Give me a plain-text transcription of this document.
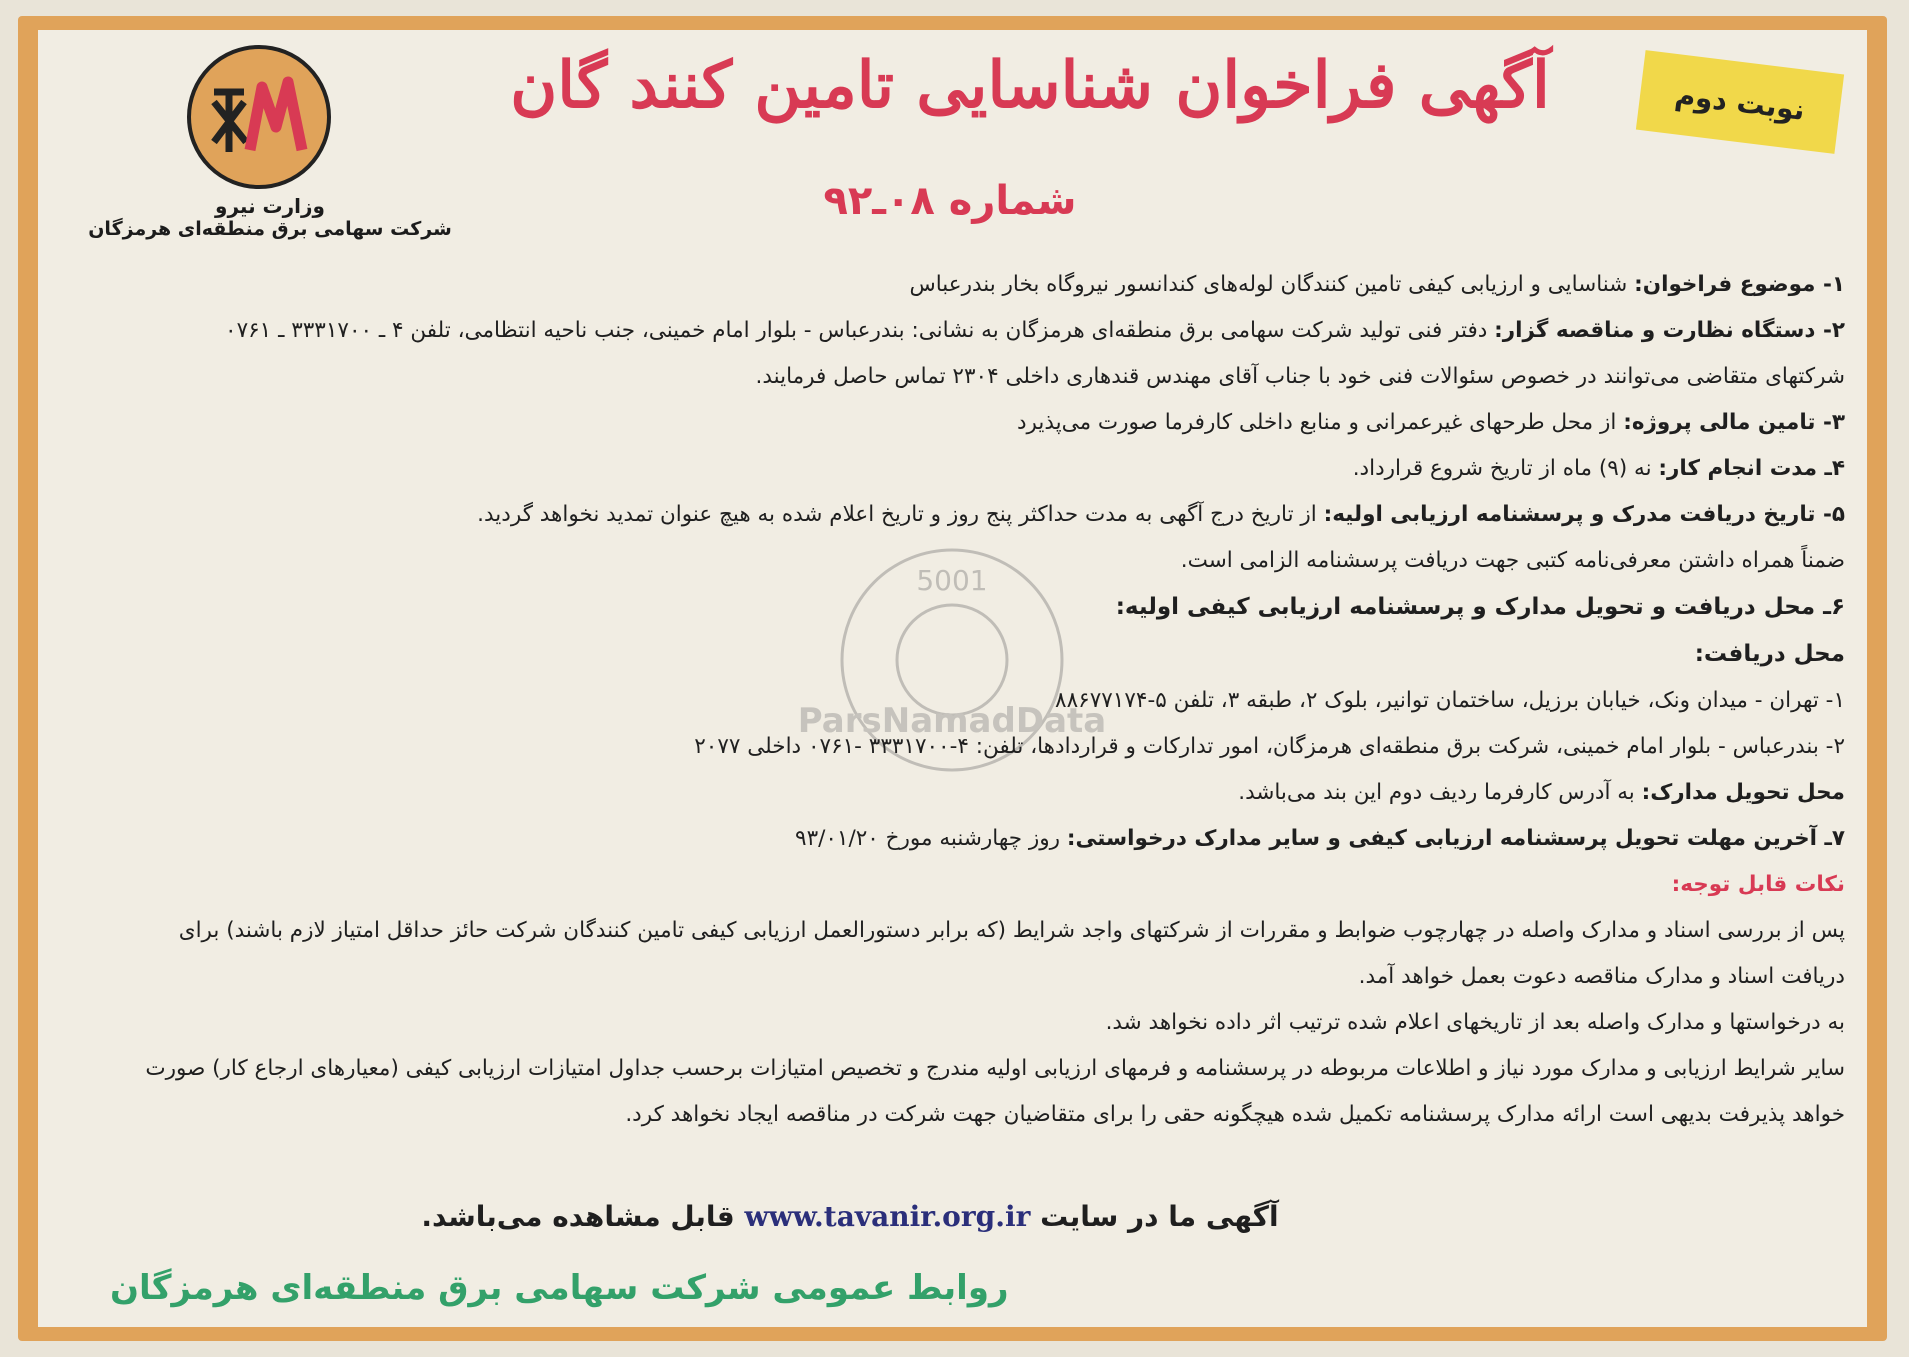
وزارت نیرو
شرکت سهامی برق منطقه‌ای هرمزگان
نوبت دوم
آگهی فراخوان شناسایی تامین کنند گان
شماره ۰۸ـ۹۲
5001
ParsNamadData

۱- موضوع فراخوان: شناسایی و ارزیابی کیفی تامین کنندگان لوله‌های کندانسور نیروگاه بخار بندرعباس

۲- دستگاه نظارت و مناقصه گزار: دفتر فنی تولید شرکت سهامی برق منطقه‌ای هرمزگان به نشانی: بندرعباس - بلوار امام خمینی، جنب ناحیه انتظامی، تلفن ۴ ـ ۳۳۳۱۷۰۰ ـ ۰۷۶۱

شرکتهای متقاضی می‌توانند در خصوص سئوالات فنی خود با جناب آقای مهندس قندهاری داخلی ۲۳۰۴ تماس حاصل فرمایند.

۳- تامین مالی پروژه: از محل طرحهای غیرعمرانی و منابع داخلی کارفرما صورت می‌پذیرد

۴ـ مدت انجام کار: نه (۹) ماه از تاریخ شروع قرارداد.

۵- تاریخ دریافت مدرک و پرسشنامه ارزیابی اولیه: از تاریخ درج آگهی به مدت حداکثر پنج روز و تاریخ اعلام شده به هیچ عنوان تمدید نخواهد گردید.

ضمناً همراه داشتن معرفی‌نامه کتبی جهت دریافت پرسشنامه الزامی است.

۶ـ محل دریافت و تحویل مدارک و پرسشنامه ارزیابی کیفی اولیه:

محل دریافت:

۱- تهران - میدان ونک، خیابان برزیل، ساختمان توانیر، بلوک ۲، طبقه ۳، تلفن ۵-۸۸۶۷۷۱۷۴

۲- بندرعباس - بلوار امام خمینی، شرکت برق منطقه‌ای هرمزگان، امور تدارکات و قراردادها، تلفن: ۴-۳۳۳۱۷۰۰ -۰۷۶۱ داخلی ۲۰۷۷

محل تحویل مدارک: به آدرس کارفرما ردیف دوم این بند می‌باشد.

۷ـ آخرین مهلت تحویل پرسشنامه ارزیابی کیفی و سایر مدارک درخواستی: روز چهارشنبه مورخ ۹۳/۰۱/۲۰

نکات قابل توجه:

پس از بررسی اسناد و مدارک واصله در چهارچوب ضوابط و مقررات از شرکتهای واجد شرایط (که برابر دستورالعمل ارزیابی کیفی تامین کنندگان شرکت حائز حداقل امتیاز لازم باشند) برای دریافت اسناد و مدارک مناقصه دعوت بعمل خواهد آمد.

به درخواستها و مدارک واصله بعد از تاریخهای اعلام شده ترتیب اثر داده نخواهد شد.

سایر شرایط ارزیابی و مدارک مورد نیاز و اطلاعات مربوطه در پرسشنامه و فرمهای ارزیابی اولیه مندرج و تخصیص امتیازات برحسب جداول امتیازات ارزیابی کیفی (معیارهای ارجاع کار) صورت خواهد پذیرفت بدیهی است ارائه مدارک پرسشنامه تکمیل شده هیچگونه حقی را برای متقاضیان جهت شرکت در مناقصه ایجاد نخواهد کرد.

آگهی ما در سایت www.tavanir.org.ir قابل مشاهده می‌باشد.
روابط عمومی شرکت سهامی برق منطقه‌ای هرمزگان
